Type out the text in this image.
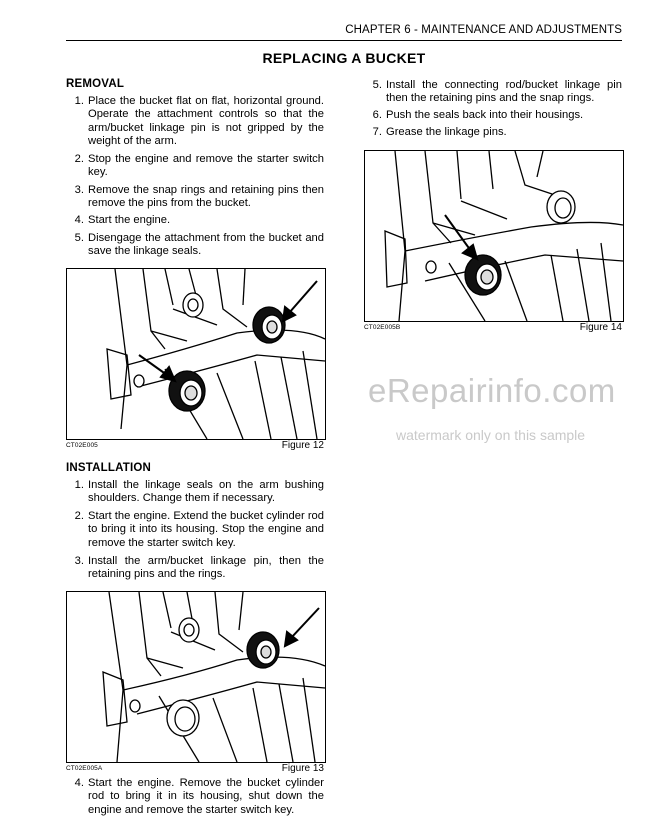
CHAPTER 6 - MAINTENANCE AND ADJUSTMENTS
REPLACING A BUCKET
REMOVAL
1. Place the bucket flat on flat, horizontal ground. Operate the attachment controls so that the arm/bucket linkage pin is not gripped by the weight of the arm.
2. Stop the engine and remove the starter switch key.
3. Remove the snap rings and retaining pins then remove the pins from the bucket.
4. Start the engine.
5. Disengage the attachment from the bucket and save the linkage seals.
CT02E005	Figure 12
INSTALLATION
1. Install the linkage seals on the arm bushing shoulders. Change them if necessary.
2. Start the engine. Extend the bucket cylinder rod to bring it into its housing. Stop the engine and remove the starter switch key.
3. Install the arm/bucket linkage pin, then the retaining pins and the rings.
CT02E005A	Figure 13
4. Start the engine. Remove the bucket cylinder rod to bring it in its housing, shut down the engine and remove the starter switch key.
5. Install the connecting rod/bucket linkage pin then the retaining pins and the snap rings.
6. Push the seals back into their housings.
7. Grease the linkage pins.
CT02E005B	Figure 14
eRepairinfo.com
watermark only on this sample
